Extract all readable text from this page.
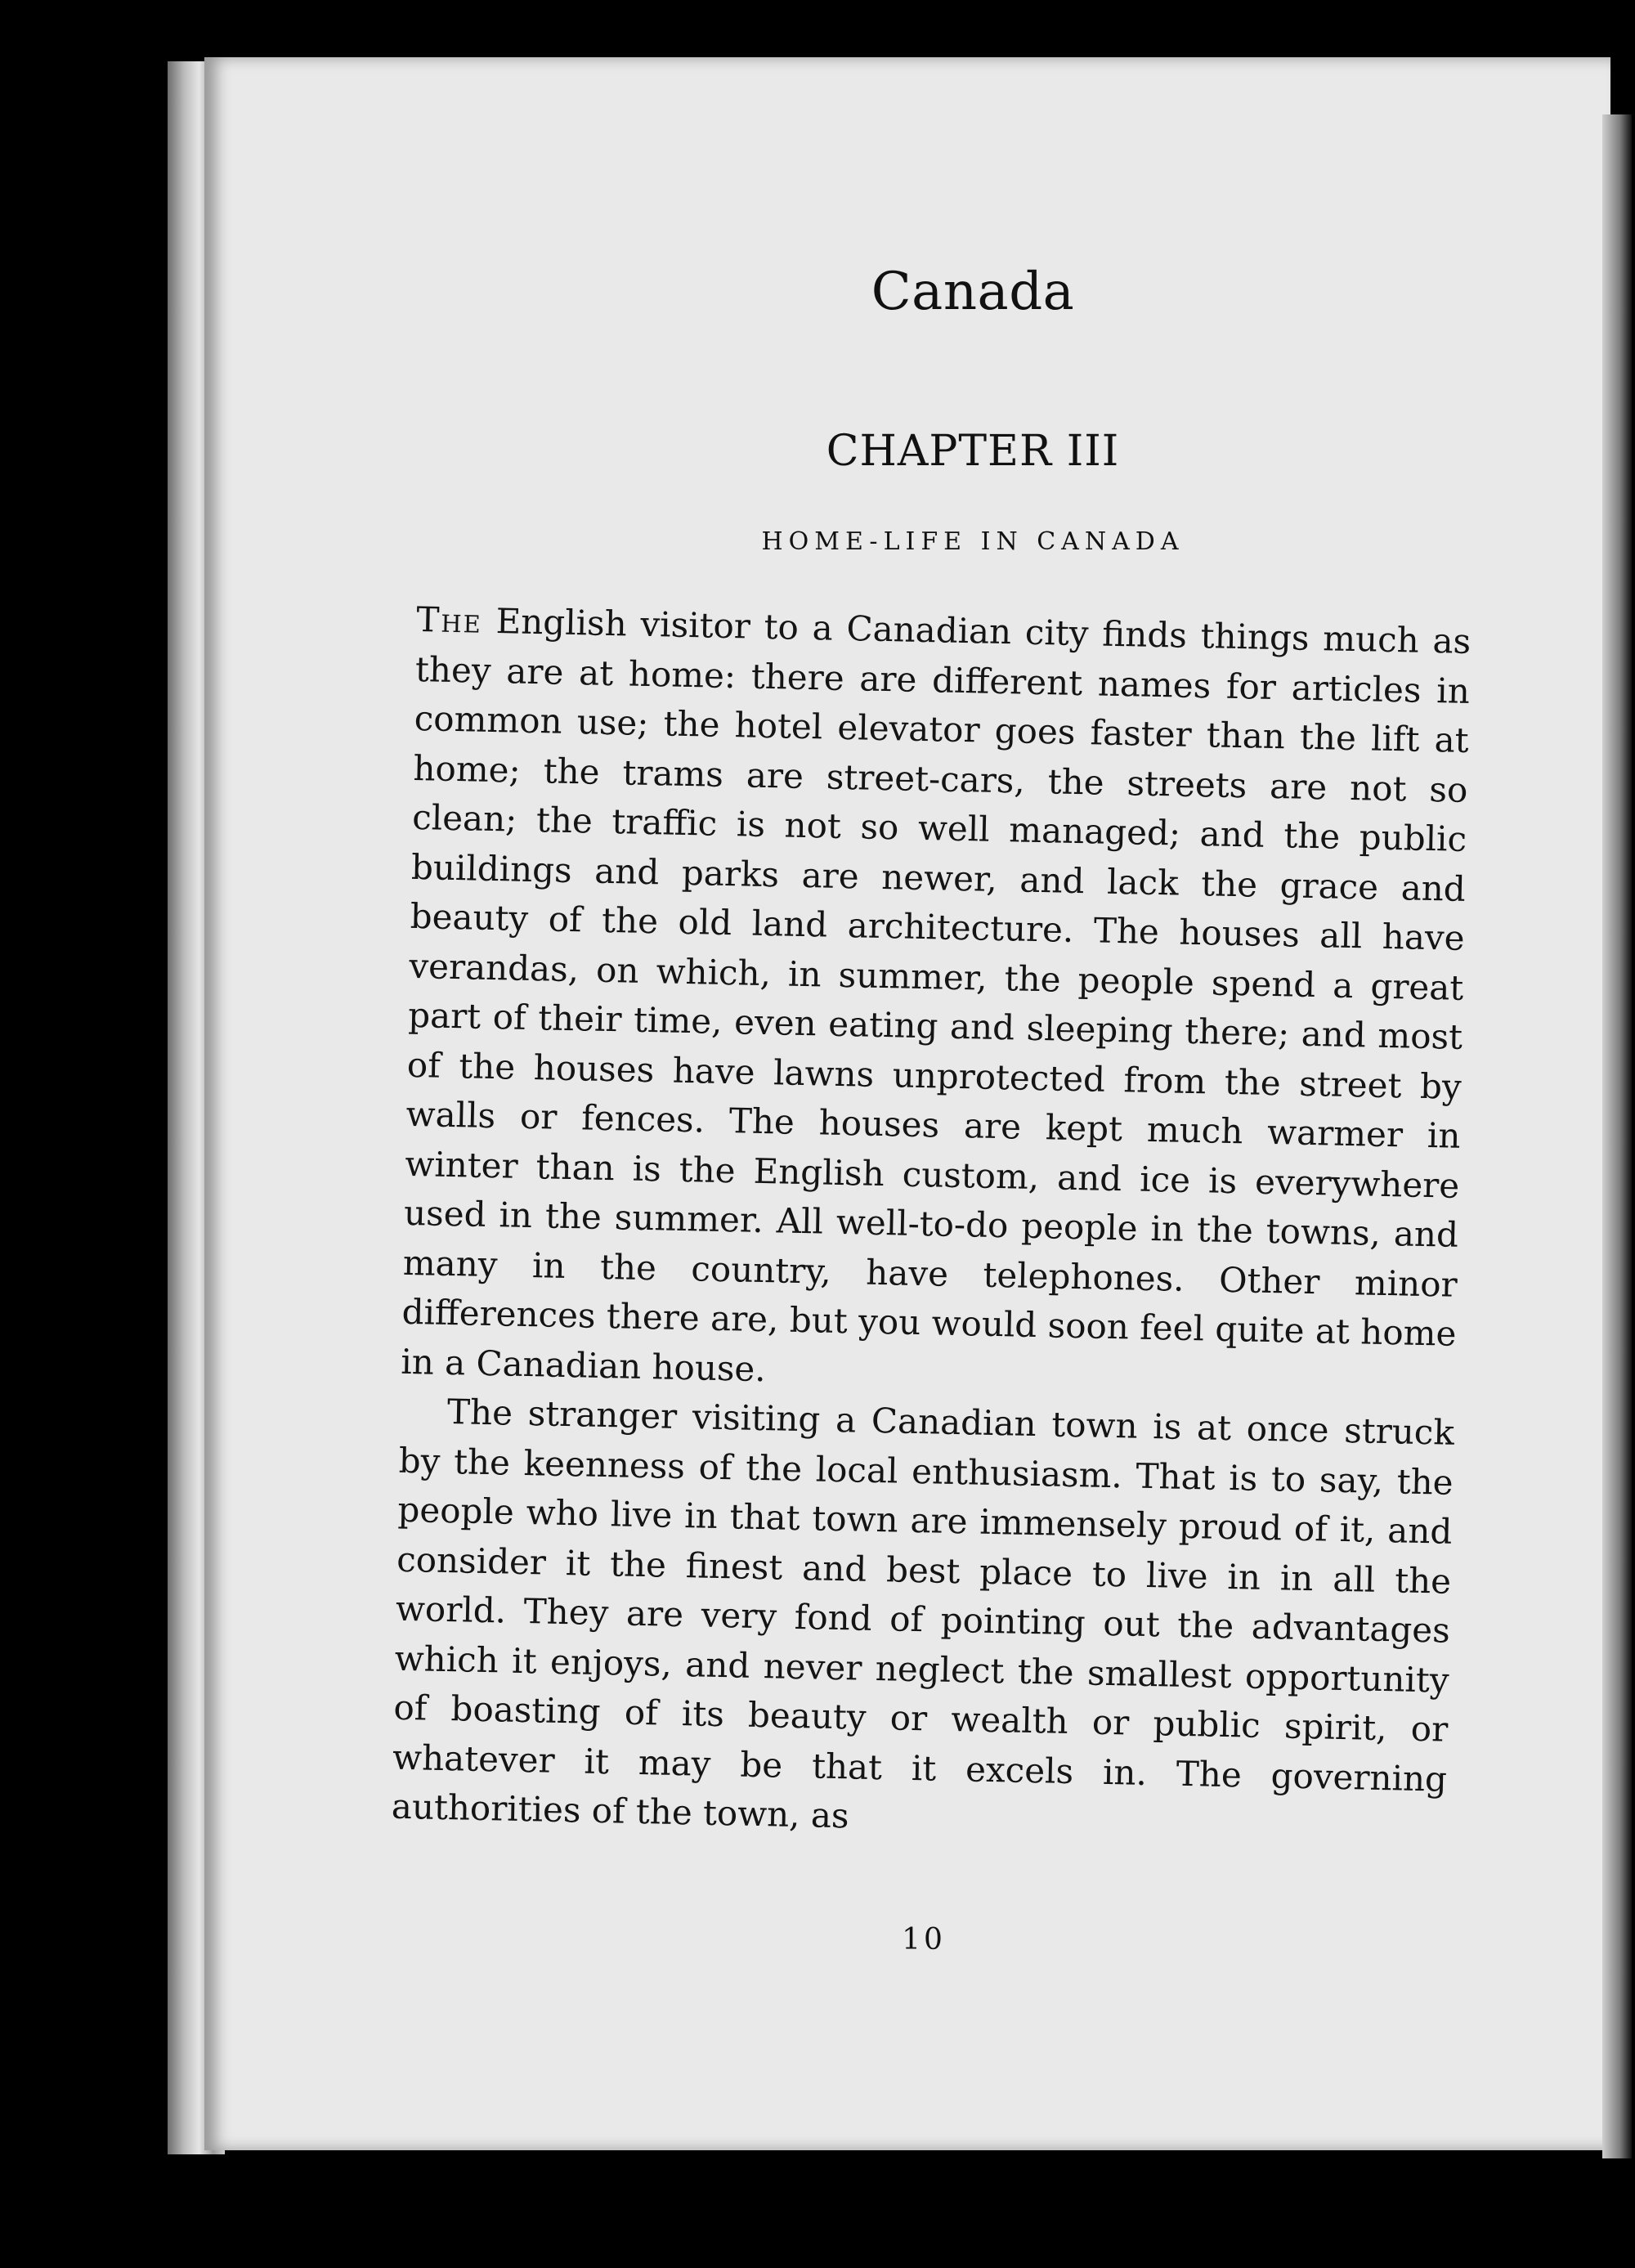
Canada
CHAPTER III
HOME-LIFE IN CANADA

The English visitor to a Canadian city finds things much as they are at home: there are different names for articles in common use; the hotel elevator goes faster than the lift at home; the trams are street-cars, the streets are not so clean; the traffic is not so well managed; and the public buildings and parks are newer, and lack the grace and beauty of the old land architecture. The houses all have verandas, on which, in summer, the people spend a great part of their time, even eating and sleeping there; and most of the houses have lawns unprotected from the street by walls or fences. The houses are kept much warmer in winter than is the English custom, and ice is everywhere used in the summer. All well-to-do people in the towns, and many in the country, have telephones. Other minor differences there are, but you would soon feel quite at home in a Canadian house.

The stranger visiting a Canadian town is at once struck by the keenness of the local enthusiasm. That is to say, the people who live in that town are immensely proud of it, and consider it the finest and best place to live in in all the world. They are very fond of pointing out the advantages which it enjoys, and never neglect the smallest opportunity of boasting of its beauty or wealth or public spirit, or whatever it may be that it excels in. The governing authorities of the town, as

10
